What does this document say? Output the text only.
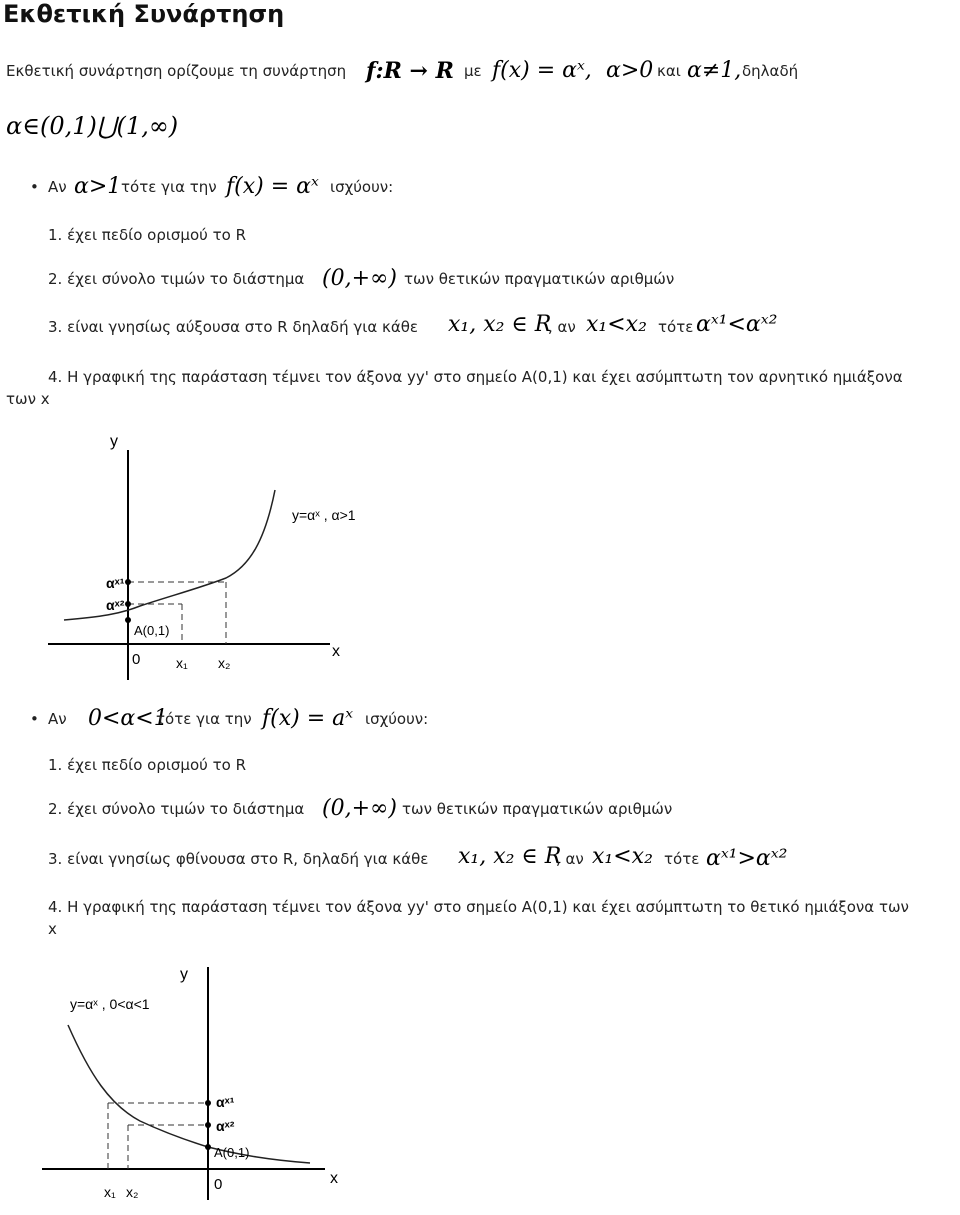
Εκθετική Συνάρτηση
Εκθετική συνάρτηση ορίζουμε τη συνάρτηση f:R → R με f(x) = αˣ, α>0 και α≠1, δηλαδή
α∈(0,1)⋃(1,∞)
• Αν α>1 τότε για την f(x) = αˣ ισχύουν:
1. έχει πεδίο ορισμού το R
2. έχει σύνολο τιμών το διάστημα (0,+∞) των θετικών πραγματικών αριθμών
3. είναι γνησίως αύξουσα στο R δηλαδή για κάθε x₁, x₂ ∈ R
, αν x₁<x₂ τότε αˣ¹<αˣ²
4. Η γραφική της παράσταση τέμνει τον άξονα yy' στο σημείο Α(0,1) και έχει ασύμπτωτη τον αρνητικό ημιάξονα
των x
y
x
y=αˣ , α>1
A(0,1)
0	x₁ x₂
αˣ¹
αˣ²
• Αν 0<α<1
τότε για την f(x) = aˣ ισχύουν:
1. έχει πεδίο ορισμού το R
2. έχει σύνολο τιμών το διάστημα (0,+∞) των θετικών πραγματικών αριθμών
3. είναι γνησίως φθίνουσα στο R, δηλαδή για κάθε x₁, x₂ ∈ R
, αν x₁<x₂ τότε αˣ¹>αˣ²
4. Η γραφική της παράσταση τέμνει τον άξονα yy' στο σημείο Α(0,1) και έχει ασύμπτωτη το θετικό ημιάξονα των
x
y
x
y=αˣ , 0<α<1
A(0,1)
0
x₁ x₂
αˣ¹
αˣ²
